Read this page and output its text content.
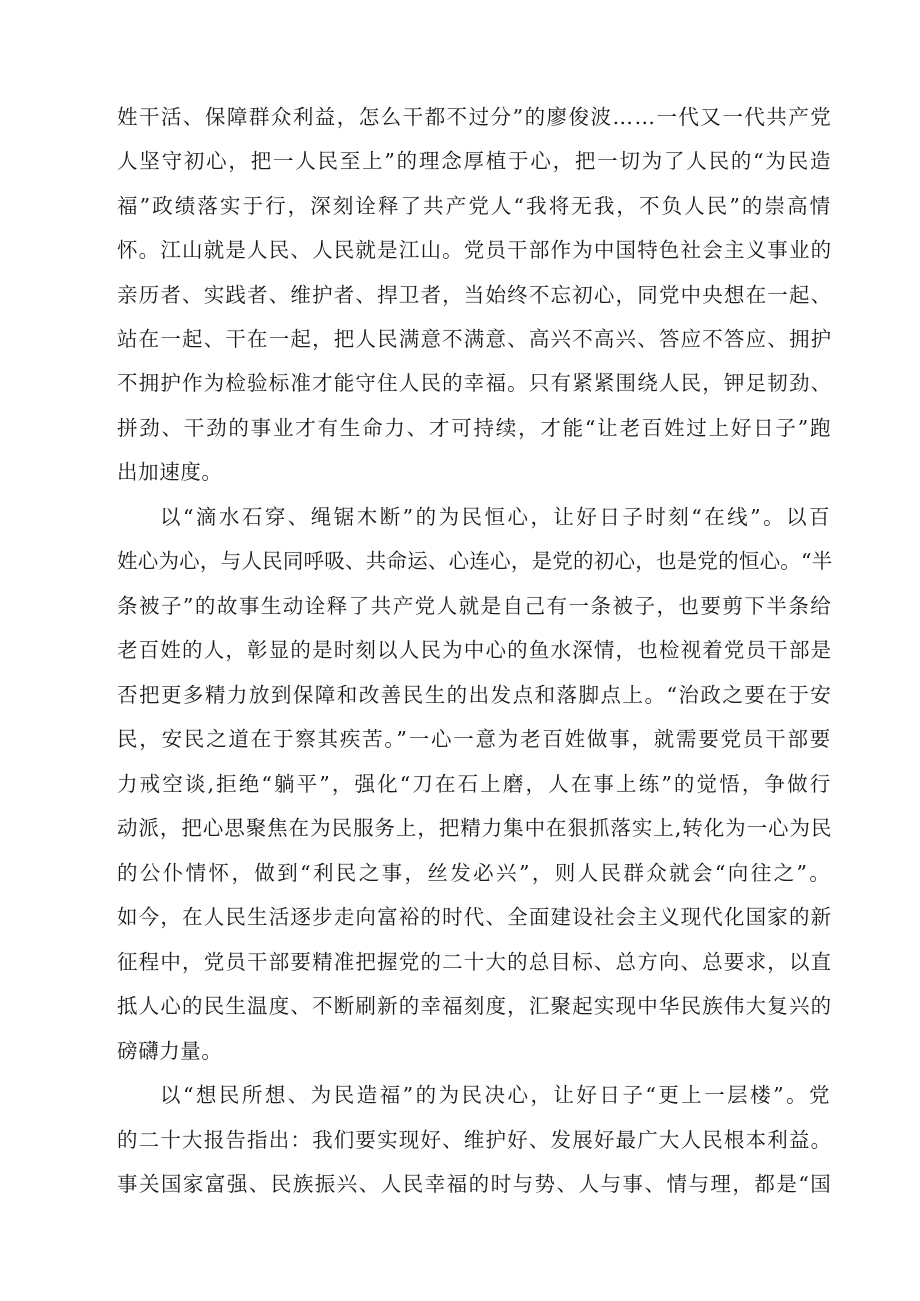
姓干活、保障群众利益，怎么干都不过分”的廖俊波……一代又一代共产党
人坚守初心，把一人民至上”的理念厚植于心，把一切为了人民的“为民造
福”政绩落实于行，深刻诠释了共产党人“我将无我，不负人民”的崇高情
怀。江山就是人民、人民就是江山。党员干部作为中国特色社会主义事业的
亲历者、实践者、维护者、捍卫者，当始终不忘初心，同党中央想在一起、
站在一起、干在一起，把人民满意不满意、高兴不高兴、答应不答应、拥护
不拥护作为检验标准才能守住人民的幸福。只有紧紧围绕人民，钾足韧劲、
拼劲、干劲的事业才有生命力、才可持续，才能“让老百姓过上好日子”跑
出加速度。
以“滴水石穿、绳锯木断”的为民恒心，让好日子时刻“在线”。以百
姓心为心，与人民同呼吸、共命运、心连心，是党的初心，也是党的恒心。“半
条被子”的故事生动诠释了共产党人就是自己有一条被子，也要剪下半条给
老百姓的人，彰显的是时刻以人民为中心的鱼水深情，也检视着党员干部是
否把更多精力放到保障和改善民生的出发点和落脚点上。“治政之要在于安
民，安民之道在于察其疾苦。”一心一意为老百姓做事，就需要党员干部要
力戒空谈,拒绝“躺平”，强化“刀在石上磨，人在事上练”的觉悟，争做行
动派，把心思聚焦在为民服务上，把精力集中在狠抓落实上,转化为一心为民
的公仆情怀，做到“利民之事，丝发必兴”，则人民群众就会“向往之”。
如今，在人民生活逐步走向富裕的时代、全面建设社会主义现代化国家的新
征程中，党员干部要精准把握党的二十大的总目标、总方向、总要求，以直
抵人心的民生温度、不断刷新的幸福刻度，汇聚起实现中华民族伟大复兴的
磅礴力量。
以“想民所想、为民造福”的为民决心，让好日子“更上一层楼”。党
的二十大报告指出：我们要实现好、维护好、发展好最广大人民根本利益。
事关国家富强、民族振兴、人民幸福的时与势、人与事、情与理，都是“国
